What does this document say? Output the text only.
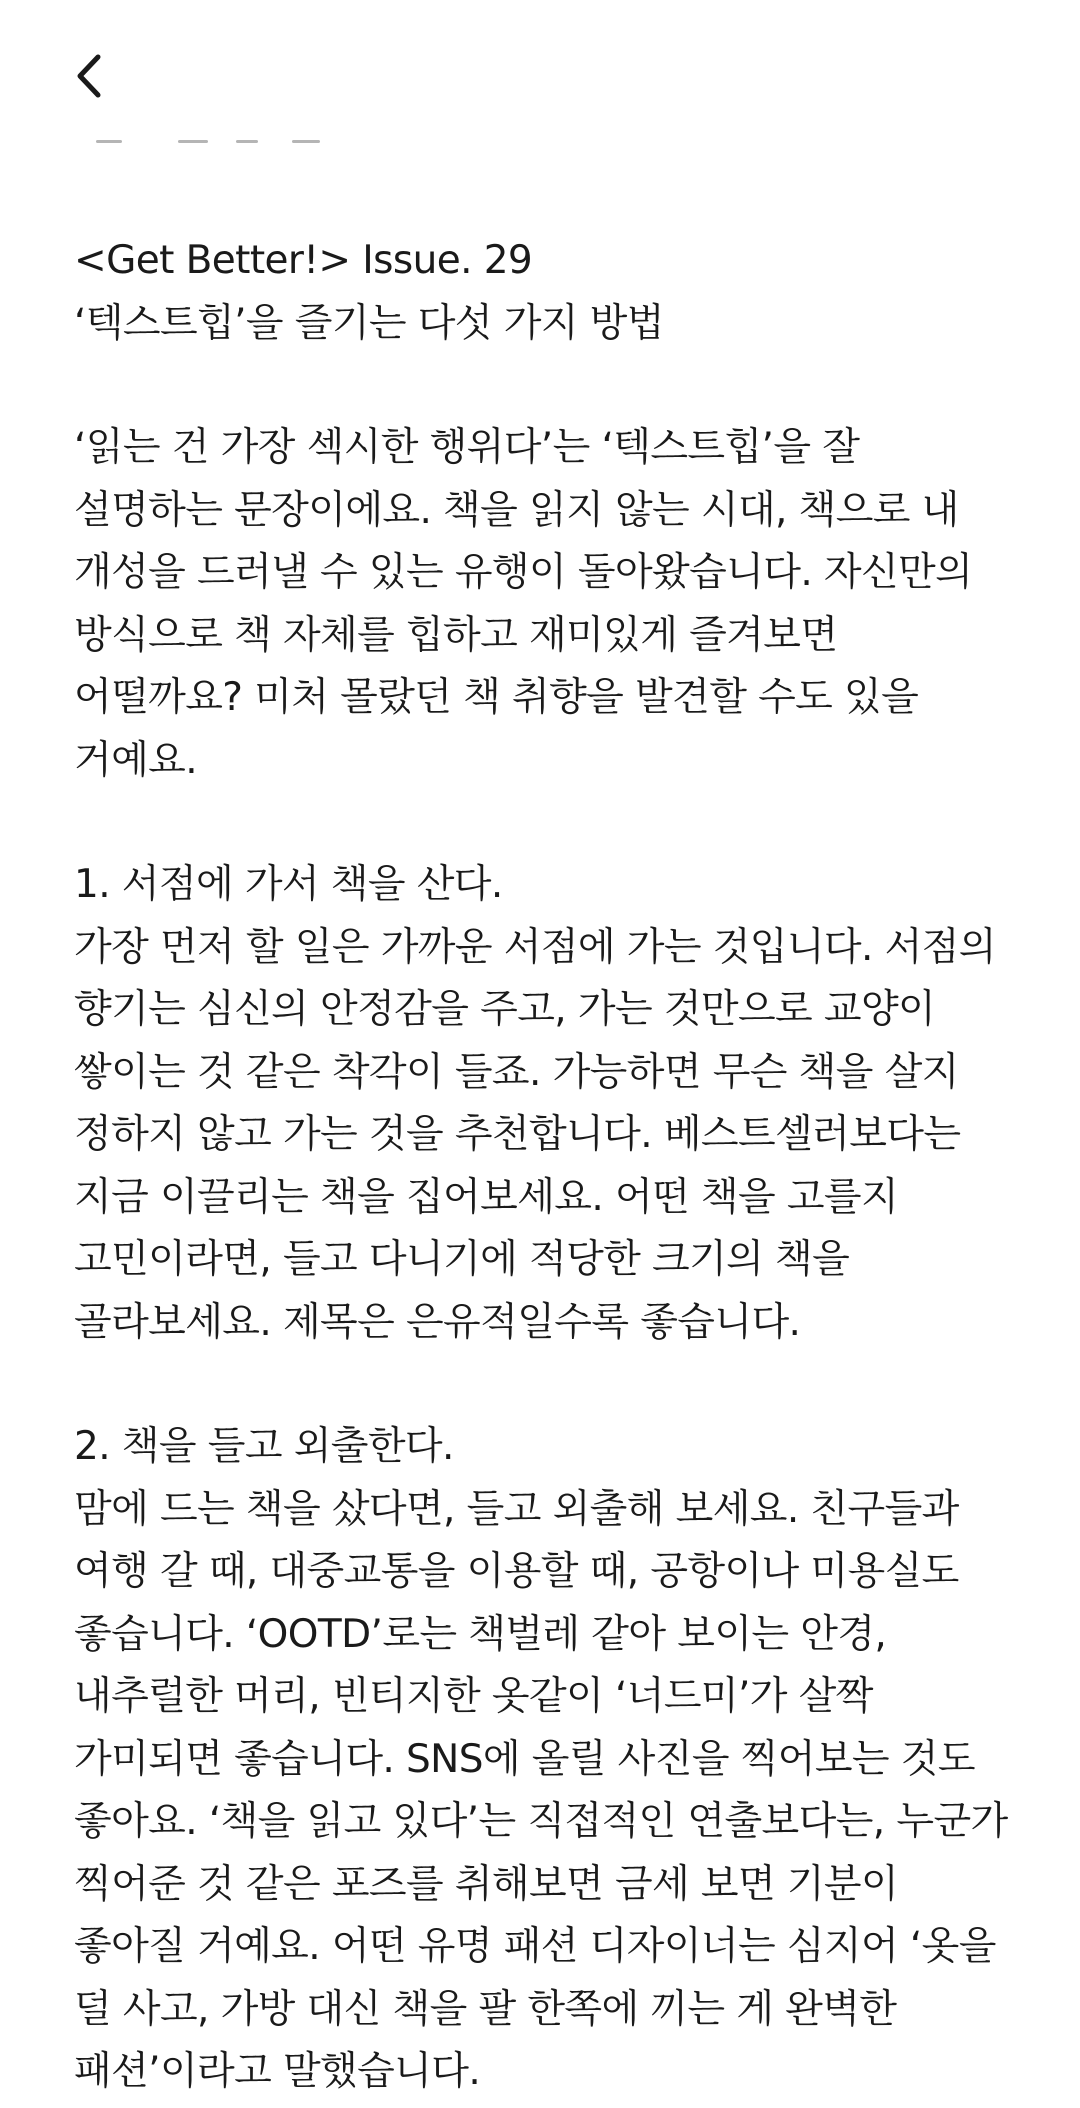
<Get Better!> Issue. 29

‘텍스트힙’을 즐기는 다섯 가지 방법

‘읽는 건 가장 섹시한 행위다’는 ‘텍스트힙’을 잘 설명하는 문장이에요. 책을 읽지 않는 시대, 책으로 내 개성을 드러낼 수 있는 유행이 돌아왔습니다. 자신만의 방식으로 책 자체를 힙하고 재미있게 즐겨보면 어떨까요? 미처 몰랐던 책 취향을 발견할 수도 있을 거예요.

1. 서점에 가서 책을 산다.

가장 먼저 할 일은 가까운 서점에 가는 것입니다. 서점의 향기는 심신의 안정감을 주고, 가는 것만으로 교양이 쌓이는 것 같은 착각이 들죠. 가능하면 무슨 책을 살지 정하지 않고 가는 것을 추천합니다. 베스트셀러보다는 지금 이끌리는 책을 집어보세요. 어떤 책을 고를지 고민이라면, 들고 다니기에 적당한 크기의 책을 골라보세요. 제목은 은유적일수록 좋습니다.

2. 책을 들고 외출한다.

맘에 드는 책을 샀다면, 들고 외출해 보세요. 친구들과 여행 갈 때, 대중교통을 이용할 때, 공항이나 미용실도 좋습니다. ‘OOTD’로는 책벌레 같아 보이는 안경, 내추럴한 머리, 빈티지한 옷같이 ‘너드미’가 살짝 가미되면 좋습니다. SNS에 올릴 사진을 찍어보는 것도 좋아요. ‘책을 읽고 있다’는 직접적인 연출보다는, 누군가 찍어준 것 같은 포즈를 취해보면 금세 보면 기분이 좋아질 거예요. 어떤 유명 패션 디자이너는 심지어 ‘옷을 덜 사고, 가방 대신 책을 팔 한쪽에 끼는 게 완벽한 패션’이라고 말했습니다.
